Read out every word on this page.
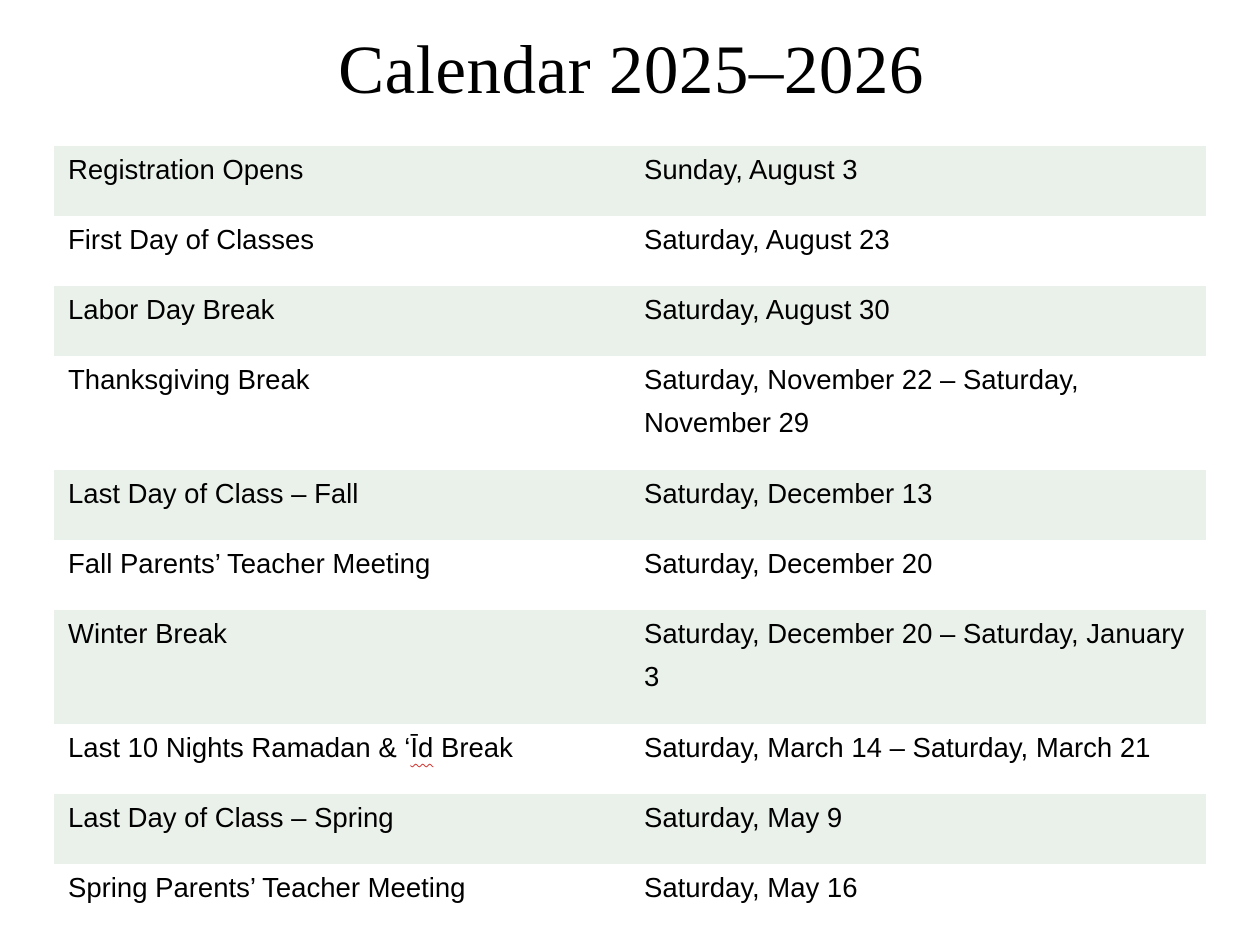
Calendar 2025–2026
Registration Opens	Sunday, August 3
First Day of Classes	Saturday, August 23
Labor Day Break	Saturday, August 30
Thanksgiving Break	Saturday, November 22 – Saturday, November 29
Last Day of Class – Fall	Saturday, December 13
Fall Parents’ Teacher Meeting	Saturday, December 20
Winter Break	Saturday, December 20 – Saturday, January 3
Last 10 Nights Ramadan & ‘Īd Break	Saturday, March 14 – Saturday, March 21
Last Day of Class – Spring	Saturday, May 9
Spring Parents’ Teacher Meeting	Saturday, May 16
